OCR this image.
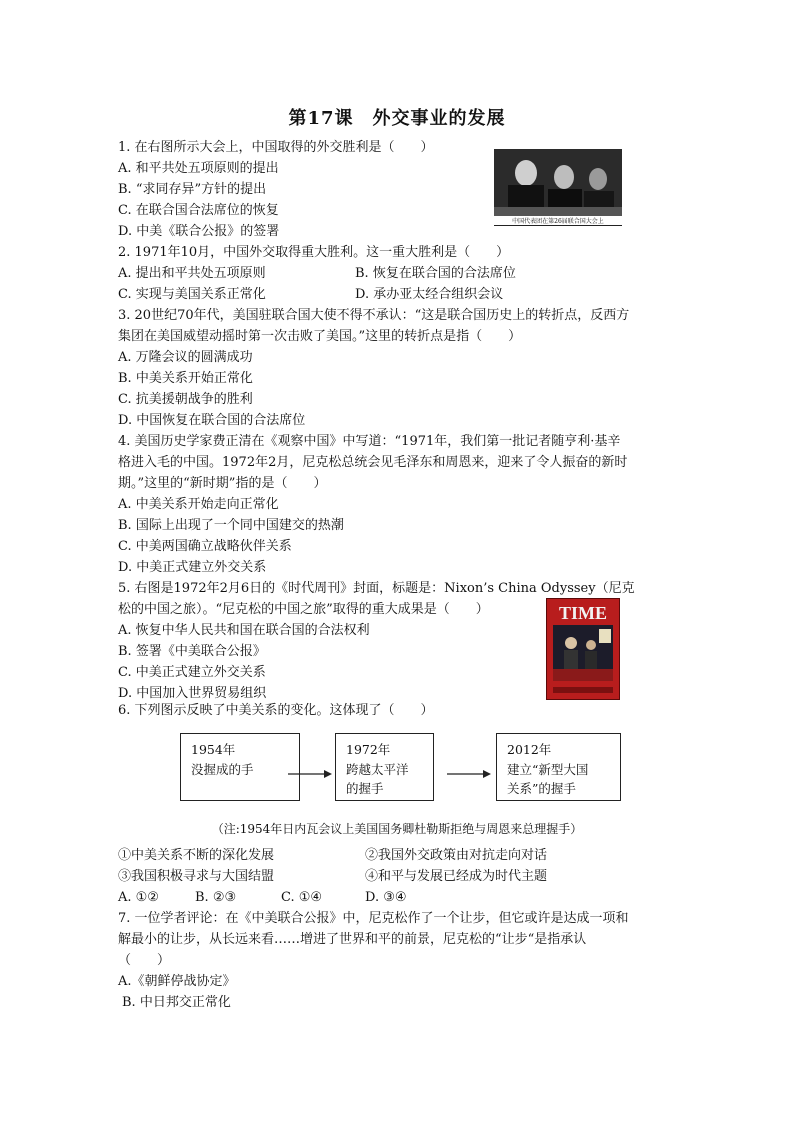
第17课　外交事业的发展
1. 在右图所示大会上，中国取得的外交胜利是（　　）
A. 和平共处五项原则的提出
B. “求同存异”方针的提出
C. 在联合国合法席位的恢复
D. 中美《联合公报》的签署
中国代表团在第26届联合国大会上
2. 1971年10月，中国外交取得重大胜利。这一重大胜利是（　　）
A. 提出和平共处五项原则	B. 恢复在联合国的合法席位
C. 实现与美国关系正常化	D. 承办亚太经合组织会议
3. 20世纪70年代，美国驻联合国大使不得不承认：“这是联合国历史上的转折点，反西方
集团在美国威望动摇时第一次击败了美国。”这里的转折点是指（　　）
A. 万隆会议的圆满成功
B. 中美关系开始正常化
C. 抗美援朝战争的胜利
D. 中国恢复在联合国的合法席位
4. 美国历史学家费正清在《观察中国》中写道：“1971年，我们第一批记者随亨利·基辛
格进入毛的中国。1972年2月，尼克松总统会见毛泽东和周恩来，迎来了令人振奋的新时
期。”这里的“新时期”指的是（　　）
A. 中美关系开始走向正常化
B. 国际上出现了一个同中国建交的热潮
C. 中美两国确立战略伙伴关系
D. 中美正式建立外交关系
5. 右图是1972年2月6日的《时代周刊》封面，标题是：Nixon’s China Odyssey（尼克
松的中国之旅）。“尼克松的中国之旅”取得的重大成果是（　　）
A. 恢复中华人民共和国在联合国的合法权利
B. 签署《中美联合公报》
C. 中美正式建立外交关系
D. 中国加入世界贸易组织
TIME
6. 下列图示反映了中美关系的变化。这体现了（　　）
1954年
没握成的手
1972年
跨越太平洋
的握手
2012年
建立“新型大国
关系”的握手
（注:1954年日内瓦会议上美国国务卿杜勒斯拒绝与周恩来总理握手）
①中美关系不断的深化发展	②我国外交政策由对抗走向对话
③我国积极寻求与大国结盟	④和平与发展已经成为时代主题
A. ①②	B. ②③	C. ①④	D. ③④
7. 一位学者评论：在《中美联合公报》中，尼克松作了一个让步，但它或许是达成一项和
解最小的让步，从长远来看……增进了世界和平的前景，尼克松的“让步“是指承认
（　　）
A.《朝鲜停战协定》
B. 中日邦交正常化
